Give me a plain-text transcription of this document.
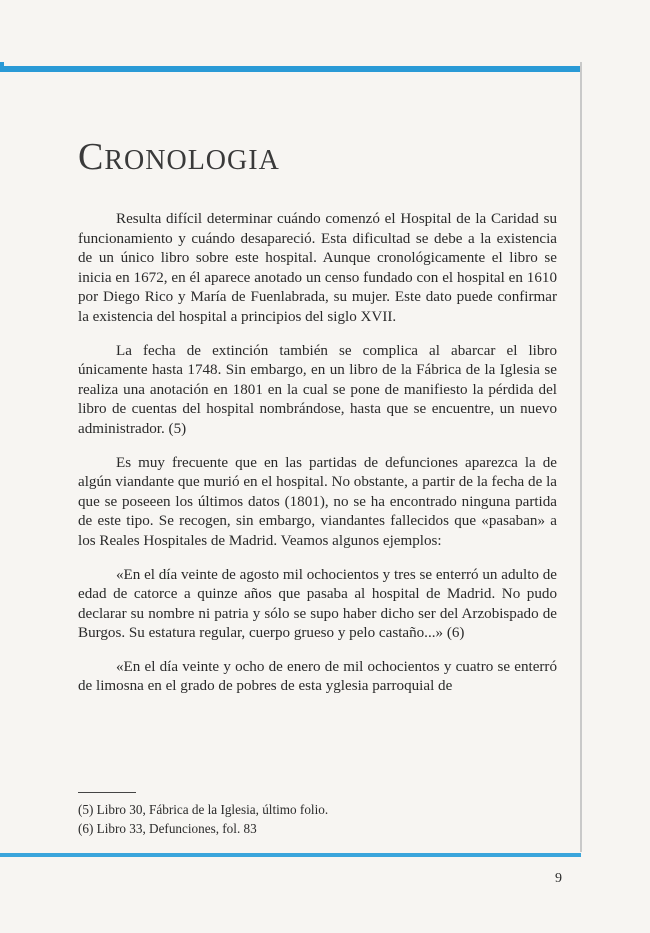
CRONOLOGIA

Resulta difícil determinar cuándo comenzó el Hospital de la Caridad su funcionamiento y cuándo desapareció. Esta dificultad se debe a la existencia de un único libro sobre este hospital. Aunque cronológicamente el libro se inicia en 1672, en él aparece anotado un censo fundado con el hospital en 1610 por Diego Rico y María de Fuenlabrada, su mujer. Este dato puede confirmar la existencia del hospital a principios del siglo XVII.

La fecha de extinción también se complica al abarcar el libro únicamente hasta 1748. Sin embargo, en un libro de la Fábrica de la Iglesia se realiza una anotación en 1801 en la cual se pone de manifiesto la pérdida del libro de cuentas del hospital nombrándose, hasta que se encuentre, un nuevo administrador. (5)

Es muy frecuente que en las partidas de defunciones aparezca la de algún viandante que murió en el hospital. No obstante, a partir de la fecha de la que se poseeen los últimos datos (1801), no se ha encontrado ninguna partida de este tipo. Se recogen, sin embargo, viandantes fallecidos que «pasaban» a los Reales Hospitales de Madrid. Veamos algunos ejemplos:

«En el día veinte de agosto mil ochocientos y tres se enterró un adulto de edad de catorce a quinze años que pasaba al hospital de Madrid. No pudo declarar su nombre ni patria y sólo se supo haber dicho ser del Arzobispado de Burgos. Su estatura regular, cuerpo grueso y pelo castaño...» (6)

«En el día veinte y ocho de enero de mil ochocientos y cuatro se enterró de limosna en el grado de pobres de esta yglesia parroquial de

(5) Libro 30, Fábrica de la Iglesia, último folio.
(6) Libro 33, Defunciones, fol. 83
9
